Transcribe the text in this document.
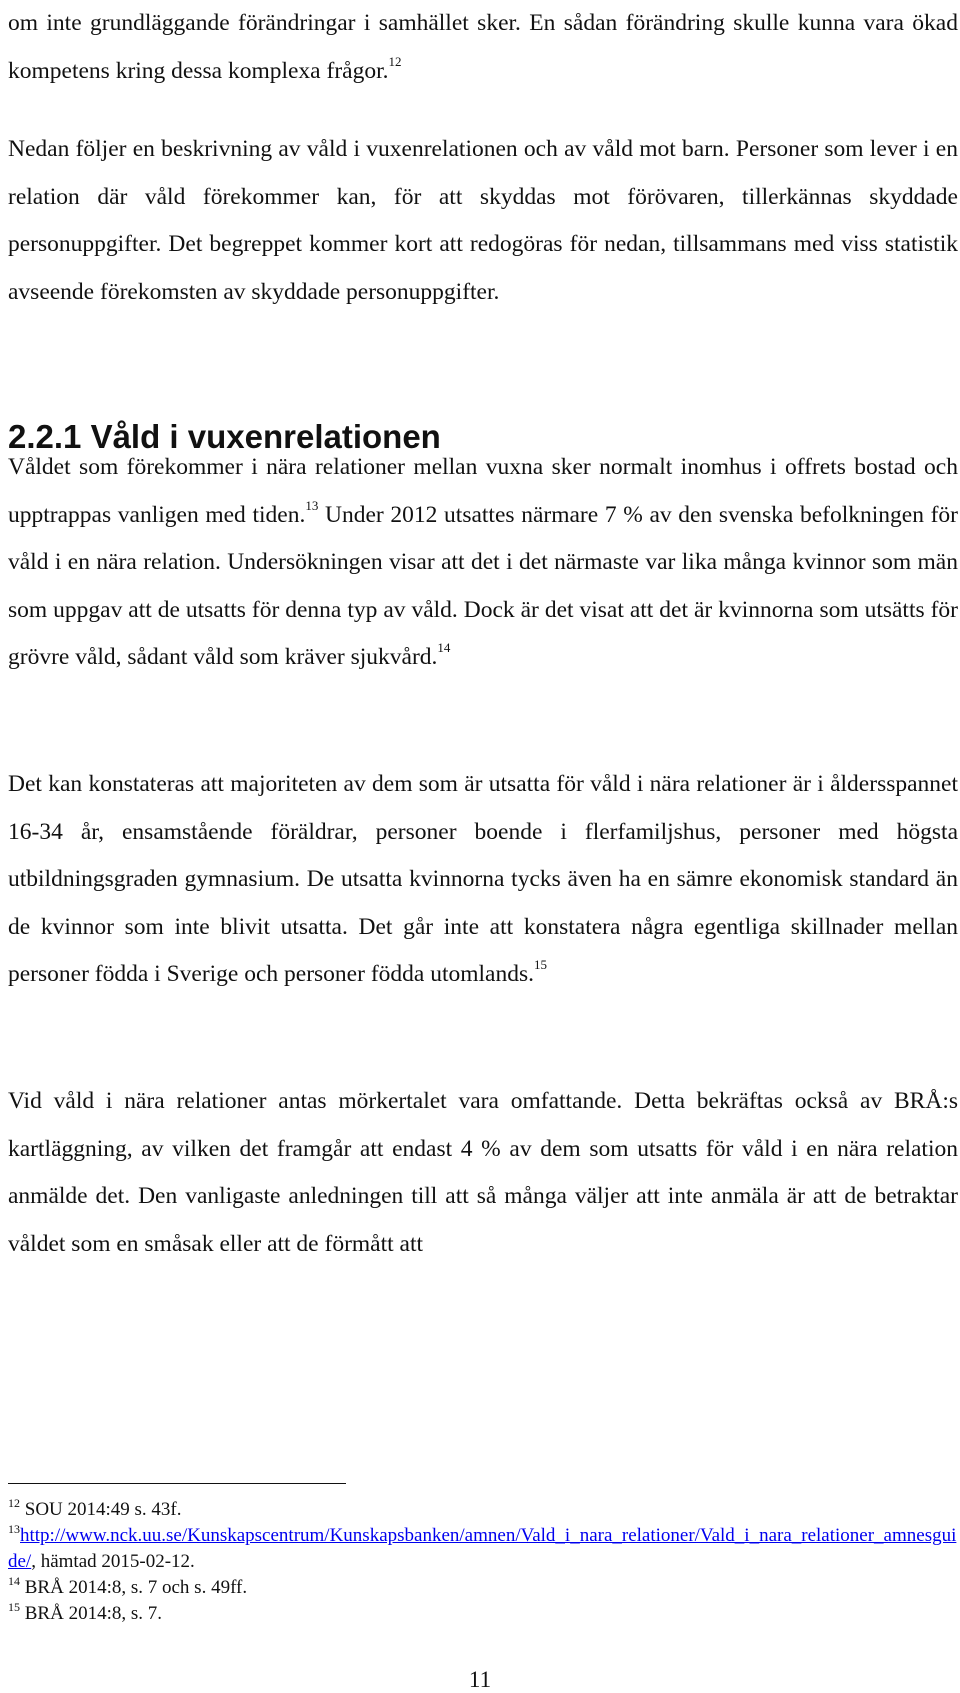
om inte grundläggande förändringar i samhället sker. En sådan förändring skulle kunna vara ökad kompetens kring dessa komplexa frågor.$^{12}$

Nedan följer en beskrivning av våld i vuxenrelationen och av våld mot barn. Personer som lever i en relation där våld förekommer kan, för att skyddas mot förövaren, tillerkännas skyddade personuppgifter. Det begreppet kommer kort att redogöras för nedan, tillsammans med viss statistik avseende förekomsten av skyddade personuppgifter.

2.2.1 Våld i vuxenrelationen

Våldet som förekommer i nära relationer mellan vuxna sker normalt inomhus i offrets bostad och upptrappas vanligen med tiden.$^{13}$ Under 2012 utsattes närmare 7 % av den svenska befolkningen för våld i en nära relation. Undersökningen visar att det i det närmaste var lika många kvinnor som män som uppgav att de utsatts för denna typ av våld. Dock är det visat att det är kvinnorna som utsätts för grövre våld, sådant våld som kräver sjukvård.$^{14}$

Det kan konstateras att majoriteten av dem som är utsatta för våld i nära relationer är i åldersspannet 16-34 år, ensamstående föräldrar, personer boende i flerfamiljshus, personer med högsta utbildningsgraden gymnasium. De utsatta kvinnorna tycks även ha en sämre ekonomisk standard än de kvinnor som inte blivit utsatta. Det går inte att konstatera några egentliga skillnader mellan personer födda i Sverige och personer födda utomlands.$^{15}$

Vid våld i nära relationer antas mörkertalet vara omfattande. Detta bekräftas också av BRÅ:s kartläggning, av vilken det framgår att endast 4 % av dem som utsatts för våld i en nära relation anmälde det. Den vanligaste anledningen till att så många väljer att inte anmäla är att de betraktar våldet som en småsak eller att de förmått att

$^{12}$ SOU 2014:49 s. 43f.

$^{13}$http://www.nck.uu.se/Kunskapscentrum/Kunskapsbanken/amnen/Vald_i_nara_relationer/Vald_i_nara_relationer_amnesguide/, hämtad 2015-02-12.

$^{14}$ BRÅ 2014:8, s. 7 och s. 49ff.

$^{15}$ BRÅ 2014:8, s. 7.

11
